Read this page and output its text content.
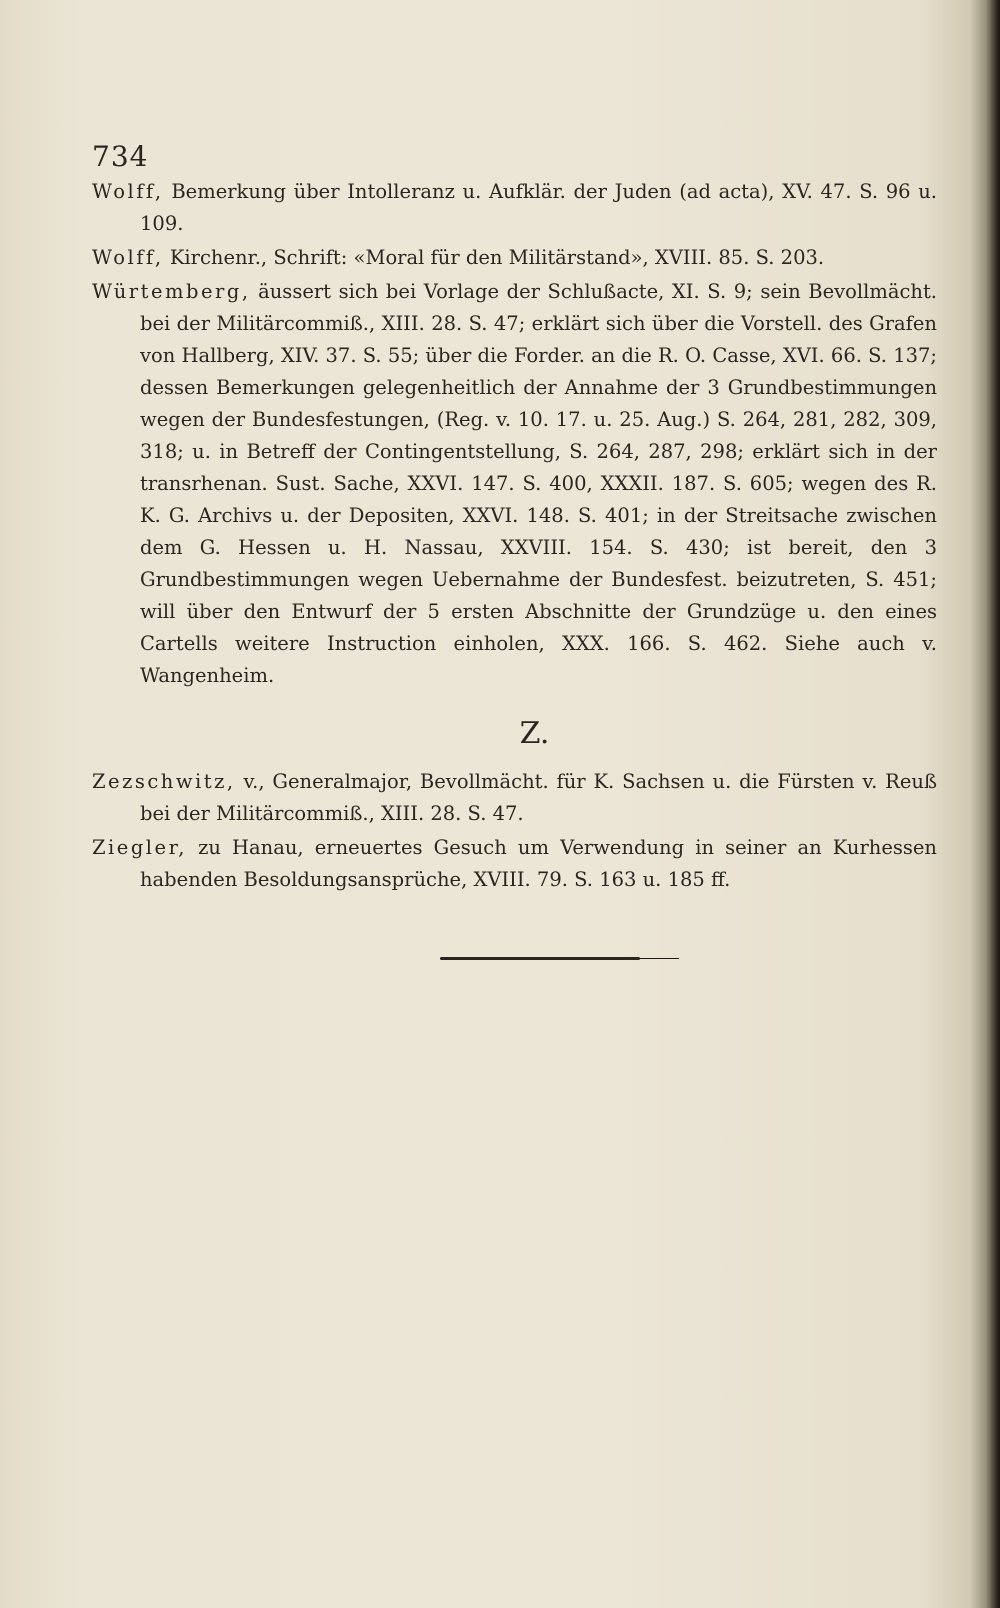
734

Wolff, Bemerkung über Intolleranz u. Aufklär. der Juden (ad acta), XV. 47. S. 96 u. 109.

Wolff, Kirchenr., Schrift: «Moral für den Militärstand», XVIII. 85. S. 203.

Würtemberg, äussert sich bei Vorlage der Schlußacte, XI. S. 9; sein Bevollmächt. bei der Militärcommiß., XIII. 28. S. 47; erklärt sich über die Vorstell. des Grafen von Hallberg, XIV. 37. S. 55; über die Forder. an die R. O. Casse, XVI. 66. S. 137; dessen Bemerkungen gelegenheitlich der Annahme der 3 Grundbestimmungen wegen der Bundesfestungen, (Reg. v. 10. 17. u. 25. Aug.) S. 264, 281, 282, 309, 318; u. in Betreff der Contingentstellung, S. 264, 287, 298; erklärt sich in der transrhenan. Sust. Sache, XXVI. 147. S. 400, XXXII. 187. S. 605; wegen des R. K. G. Archivs u. der Depositen, XXVI. 148. S. 401; in der Streitsache zwischen dem G. Hessen u. H. Nassau, XXVIII. 154. S. 430; ist bereit, den 3 Grundbestimmungen wegen Uebernahme der Bundesfest. beizutreten, S. 451; will über den Entwurf der 5 ersten Abschnitte der Grundzüge u. den eines Cartells weitere Instruction einholen, XXX. 166. S. 462. Siehe auch v. Wangenheim.

Z.

Zezschwitz, v., Generalmajor, Bevollmächt. für K. Sachsen u. die Fürsten v. Reuß bei der Militärcommiß., XIII. 28. S. 47.

Ziegler, zu Hanau, erneuertes Gesuch um Verwendung in seiner an Kurhessen habenden Besoldungsansprüche, XVIII. 79. S. 163 u. 185 ff.
